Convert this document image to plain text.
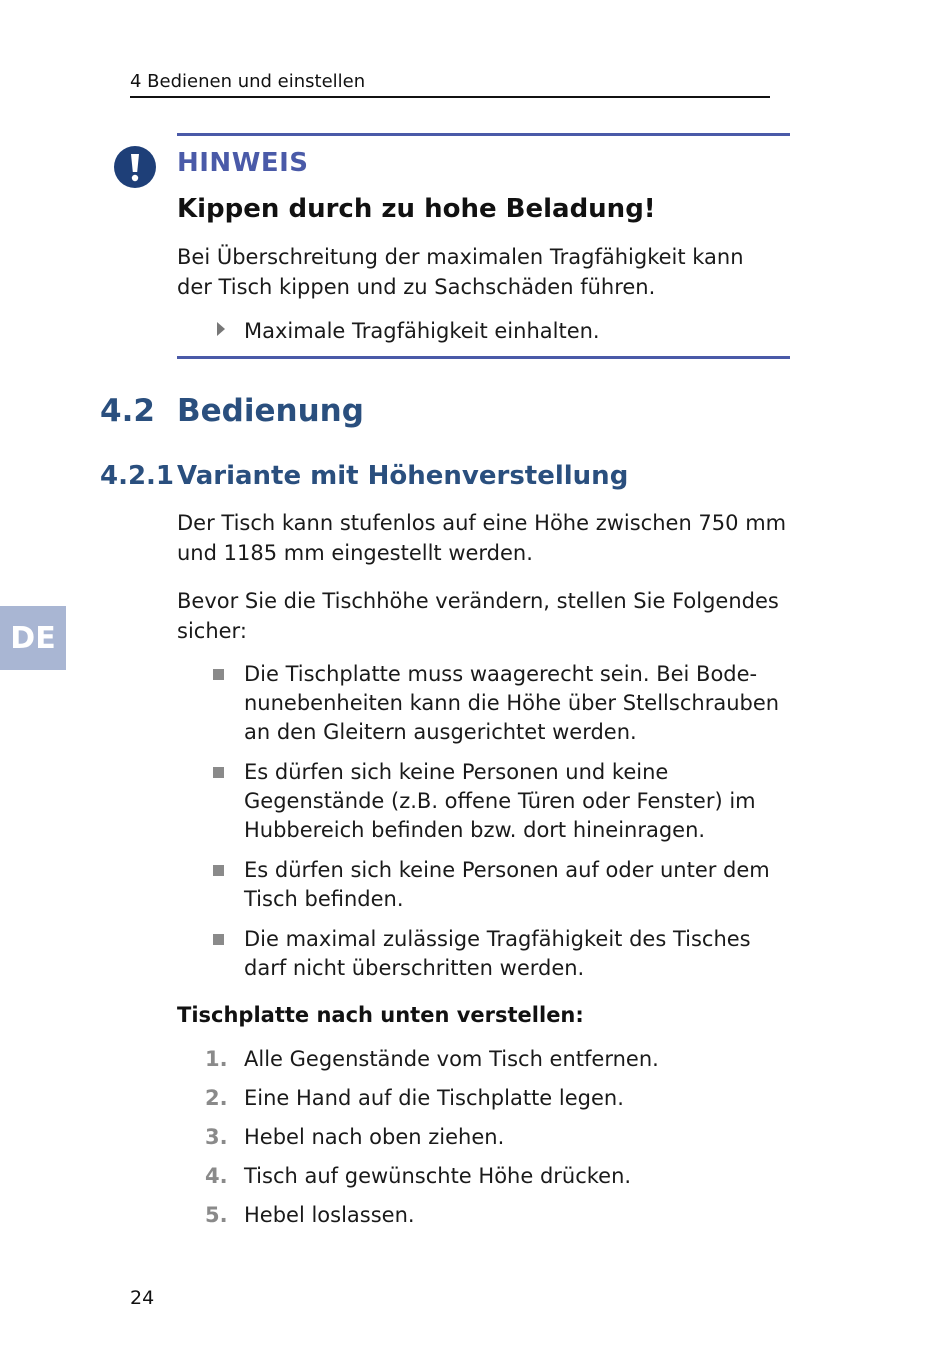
4 Bedienen und einstellen
HINWEIS
Kippen durch zu hohe Beladung!
Bei Überschreitung der maximalen Tragfähigkeit kann der Tisch kippen und zu Sachschäden führen.
Maximale Tragfähigkeit einhalten.
4.2 Bedienung
4.2.1 Variante mit Höhenverstellung
Der Tisch kann stufenlos auf eine Höhe zwischen 750 mm und 1185 mm eingestellt werden.
Bevor Sie die Tischhöhe verändern, stellen Sie Folgendes sicher:
DE
Die Tischplatte muss waagerecht sein. Bei Bode-nunebenheiten kann die Höhe über Stellschrauben an den Gleitern ausgerichtet werden.
Es dürfen sich keine Personen und keine Gegenstände (z.B. offene Türen oder Fenster) im Hubbereich befinden bzw. dort hineinragen.
Es dürfen sich keine Personen auf oder unter dem Tisch befinden.
Die maximal zulässige Tragfähigkeit des Tisches darf nicht überschritten werden.
Tischplatte nach unten verstellen:
1. Alle Gegenstände vom Tisch entfernen.
2. Eine Hand auf die Tischplatte legen.
3. Hebel nach oben ziehen.
4. Tisch auf gewünschte Höhe drücken.
5. Hebel loslassen.
24
